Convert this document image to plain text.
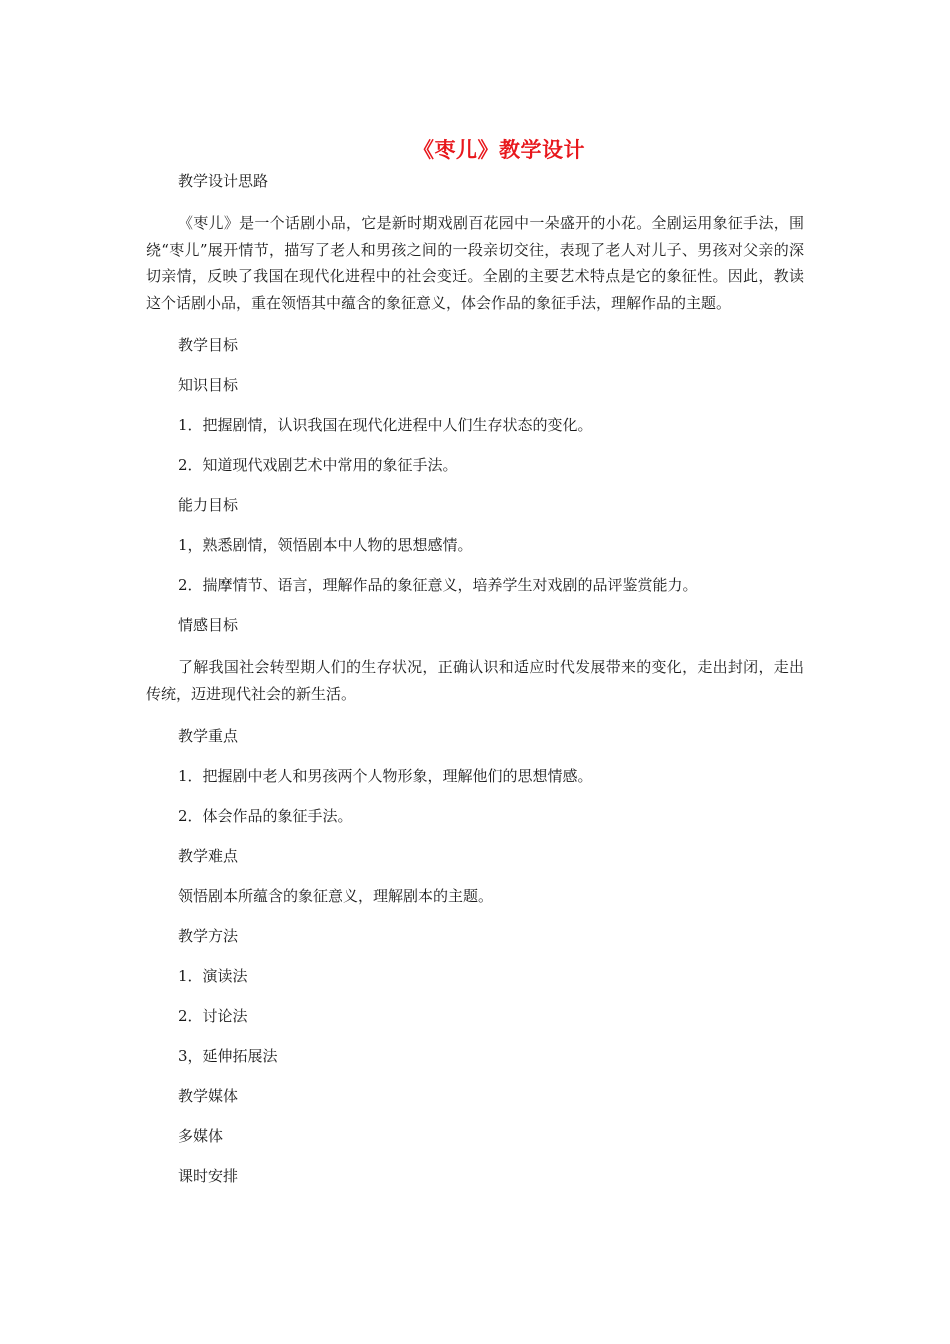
《枣儿》教学设计

教学设计思路

《枣儿》是一个话剧小品，它是新时期戏剧百花园中一朵盛开的小花。全剧运用象征手法，围绕“枣儿”展开情节，描写了老人和男孩之间的一段亲切交往，表现了老人对儿子、男孩对父亲的深切亲情，反映了我国在现代化进程中的社会变迁。全剧的主要艺术特点是它的象征性。因此，教读这个话剧小品，重在领悟其中蕴含的象征意义，体会作品的象征手法，理解作品的主题。

教学目标

知识目标

1．把握剧情，认识我国在现代化进程中人们生存状态的变化。

2．知道现代戏剧艺术中常用的象征手法。

能力目标

1，熟悉剧情，领悟剧本中人物的思想感情。

2．揣摩情节、语言，理解作品的象征意义，培养学生对戏剧的品评鉴赏能力。

情感目标

了解我国社会转型期人们的生存状况，正确认识和适应时代发展带来的变化，走出封闭，走出传统，迈进现代社会的新生活。

教学重点

1．把握剧中老人和男孩两个人物形象，理解他们的思想情感。

2．体会作品的象征手法。

教学难点

领悟剧本所蕴含的象征意义，理解剧本的主题。

教学方法

1．演读法

2．讨论法

3，延伸拓展法

教学媒体

多媒体

课时安排
